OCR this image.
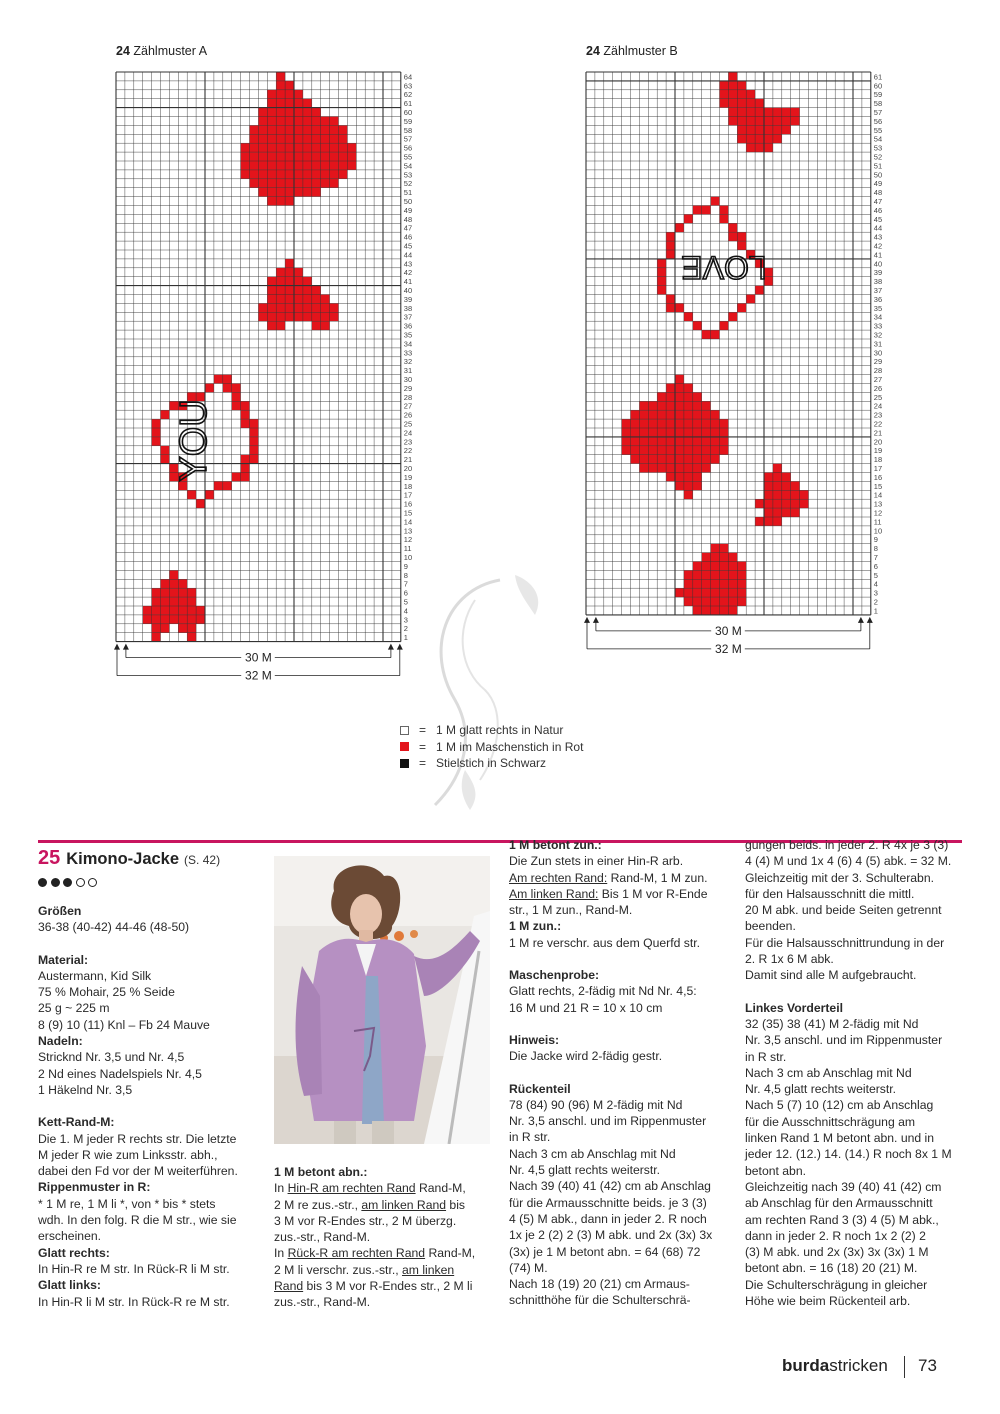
24 Zählmuster A	24 Zählmuster B
1
2
3
4
5
6
7
8
9
10
11
12
13
14
15
16
17
18
19
20
21
22
23
24
25
26
27
28
29
30
31
32
33
34
35
36
37
38
39
40
41
42
43
44
45
46
47
48
49
50
51
52
53
54
55
56
57
58
59
60
61
62
63
64
30 M
32 M
YOU
1
2
3
4
5
6
7
8
9
10
11
12
13
14
15
16
17
18
19
20
21
22
23
24
25
26
27
28
29
30
31
32
33
34
35
36
37
38
39
40
41
42
43
44
45
46
47
48
49
50
51
52
53
54
55
56
57
58
59
60
61
30 M
32 M
LOVE
= 1 M glatt rechts in Natur
= 1 M im Maschenstich in Rot
= Stielstich in Schwarz
25 Kimono-Jacke (S. 42)
Größen
36-38 (40-42) 44-46 (48-50)
Material:
Austermann, Kid Silk
75 % Mohair, 25 % Seide
25 g ~ 225 m
8 (9) 10 (11) Knl – Fb 24 Mauve
Nadeln:
Stricknd Nr. 3,5 und Nr. 4,5
2 Nd eines Nadelspiels Nr. 4,5
1 Häkelnd Nr. 3,5
Kett-Rand-M:
Die 1. M jeder R rechts str. Die letzte
M jeder R wie zum Linksstr. abh.,
dabei den Fd vor der M weiterführen.
Rippenmuster in R:
* 1 M re, 1 M li *, von * bis * stets
wdh. In den folg. R die M str., wie sie
erscheinen.
Glatt rechts:
In Hin-R re M str. In Rück-R li M str.
Glatt links:
In Hin-R li M str. In Rück-R re M str.
1 M betont abn.:
In Hin-R am rechten Rand Rand-M,
2 M re zus.-str., am linken Rand bis
3 M vor R-Endes str., 2 M überzg.
zus.-str., Rand-M.
In Rück-R am rechten Rand Rand-M,
2 M li verschr. zus.-str., am linken
Rand bis 3 M vor R-Endes str., 2 M li
zus.-str., Rand-M.
1 M betont zun.:
Die Zun stets in einer Hin-R arb.
Am rechten Rand: Rand-M, 1 M zun.
Am linken Rand: Bis 1 M vor R-Ende
str., 1 M zun., Rand-M.
1 M zun.:
1 M re verschr. aus dem Querfd str.
Maschenprobe:
Glatt rechts, 2-fädig mit Nd Nr. 4,5:
16 M und 21 R = 10 x 10 cm
Hinweis:
Die Jacke wird 2-fädig gestr.
Rückenteil
78 (84) 90 (96) M 2-fädig mit Nd
Nr. 3,5 anschl. und im Rippenmuster
in R str.
Nach 3 cm ab Anschlag mit Nd
Nr. 4,5 glatt rechts weiterstr.
Nach 39 (40) 41 (42) cm ab Anschlag
für die Armausschnitte beids. je 3 (3)
4 (5) M abk., dann in jeder 2. R noch
1x je 2 (2) 2 (3) M abk. und 2x (3x) 3x
(3x) je 1 M betont abn. = 64 (68) 72
(74) M.
Nach 18 (19) 20 (21) cm Armaus-
schnitthöhe für die Schulterschrä-
gungen beids. in jeder 2. R 4x je 3 (3)
4 (4) M und 1x 4 (6) 4 (5) abk. = 32 M.
Gleichzeitig mit der 3. Schulterabn.
für den Halsausschnitt die mittl.
20 M abk. und beide Seiten getrennt
beenden.
Für die Halsausschnittrundung in der
2. R 1x 6 M abk.
Damit sind alle M aufgebraucht.
Linkes Vorderteil
32 (35) 38 (41) M 2-fädig mit Nd
Nr. 3,5 anschl. und im Rippenmuster
in R str.
Nach 3 cm ab Anschlag mit Nd
Nr. 4,5 glatt rechts weiterstr.
Nach 5 (7) 10 (12) cm ab Anschlag
für die Ausschnittschrägung am
linken Rand 1 M betont abn. und in
jeder 12. (12.) 14. (14.) R noch 8x 1 M
betont abn.
Gleichzeitig nach 39 (40) 41 (42) cm
ab Anschlag für den Armausschnitt
am rechten Rand 3 (3) 4 (5) M abk.,
dann in jeder 2. R noch 1x 2 (2) 2
(3) M abk. und 2x (3x) 3x (3x) 1 M
betont abn. = 16 (18) 20 (21) M.
Die Schulterschrägung in gleicher
Höhe wie beim Rückenteil arb.
burdastricken 73
